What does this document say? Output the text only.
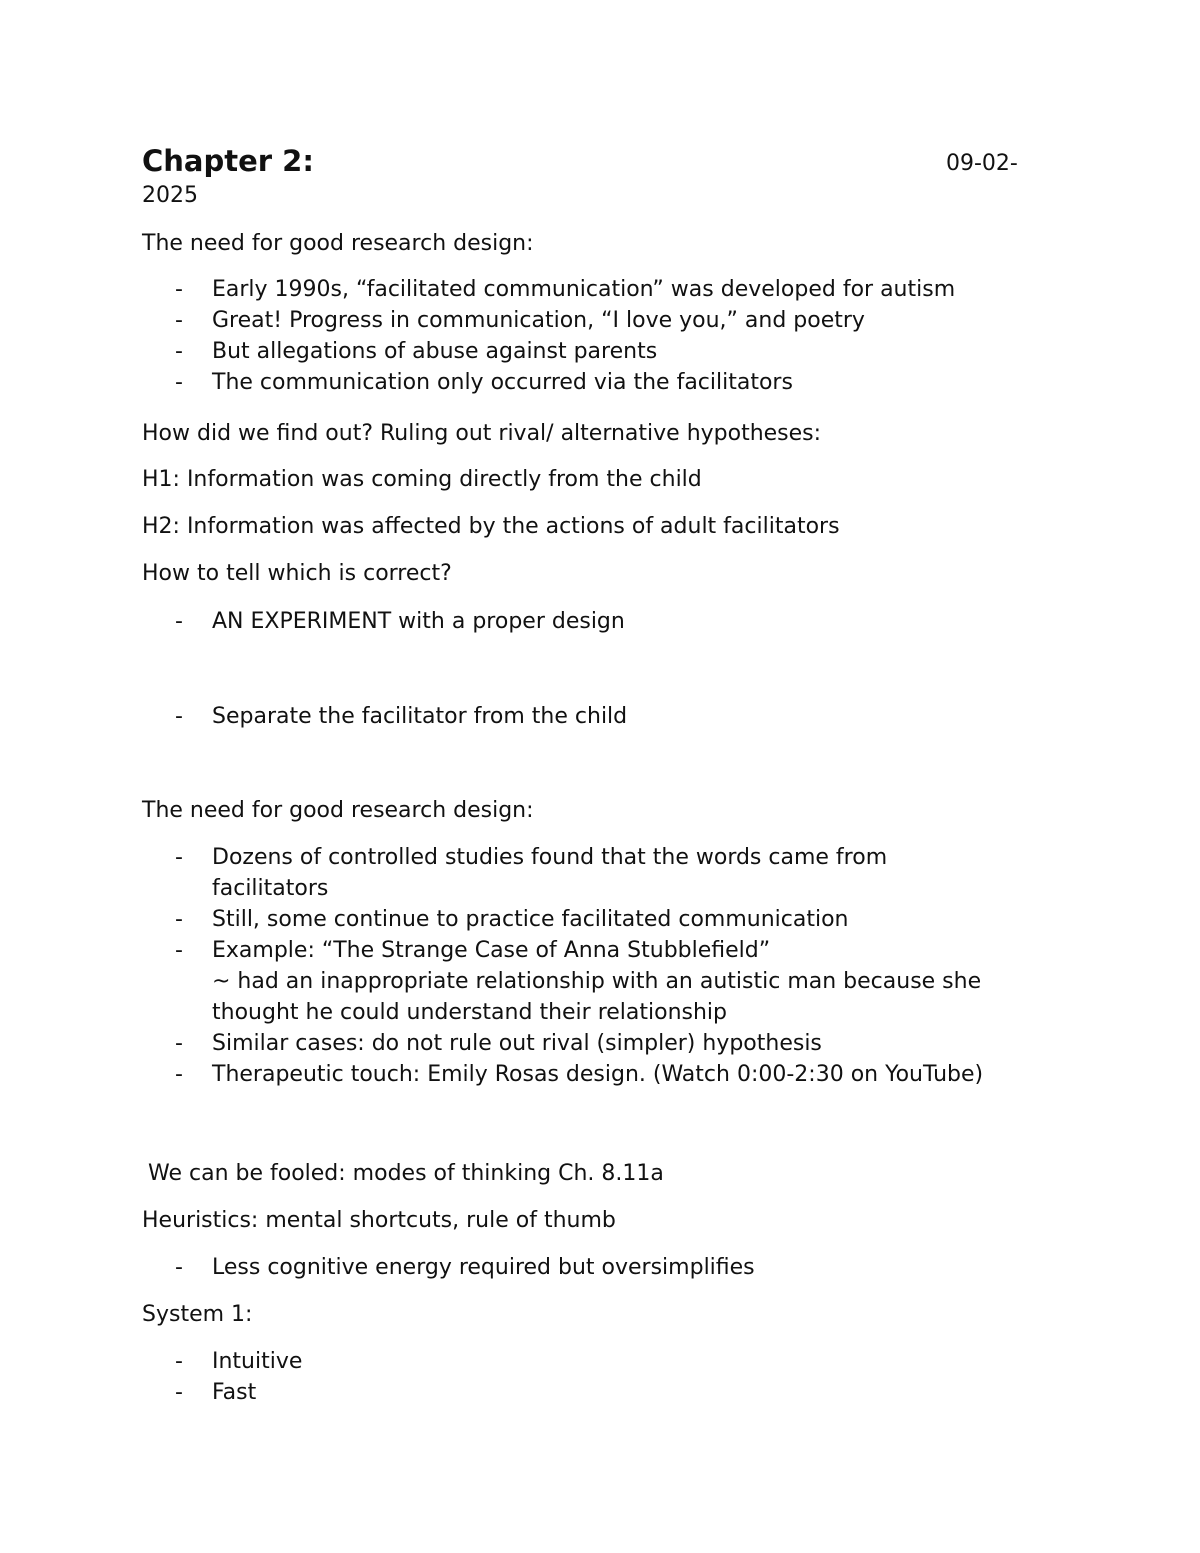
Chapter 2:	09-02-
2025

The need for good research design:

- Early 1990s, “facilitated communication” was developed for autism
- Great! Progress in communication, “I love you,” and poetry
- But allegations of abuse against parents
- The communication only occurred via the facilitators

How did we find out? Ruling out rival/ alternative hypotheses:

H1: Information was coming directly from the child

H2: Information was affected by the actions of adult facilitators

How to tell which is correct?

- AN EXPERIMENT with a proper design
- Separate the facilitator from the child

The need for good research design:

- Dozens of controlled studies found that the words came from
facilitators
- Still, some continue to practice facilitated communication
- Example: “The Strange Case of Anna Stubblefield”
~ had an inappropriate relationship with an autistic man because she
thought he could understand their relationship
- Similar cases: do not rule out rival (simpler) hypothesis
- Therapeutic touch: Emily Rosas design. (Watch 0:00-2:30 on YouTube)

We can be fooled: modes of thinking Ch. 8.11a

Heuristics: mental shortcuts, rule of thumb

- Less cognitive energy required but oversimplifies

System 1:

- Intuitive
- Fast
